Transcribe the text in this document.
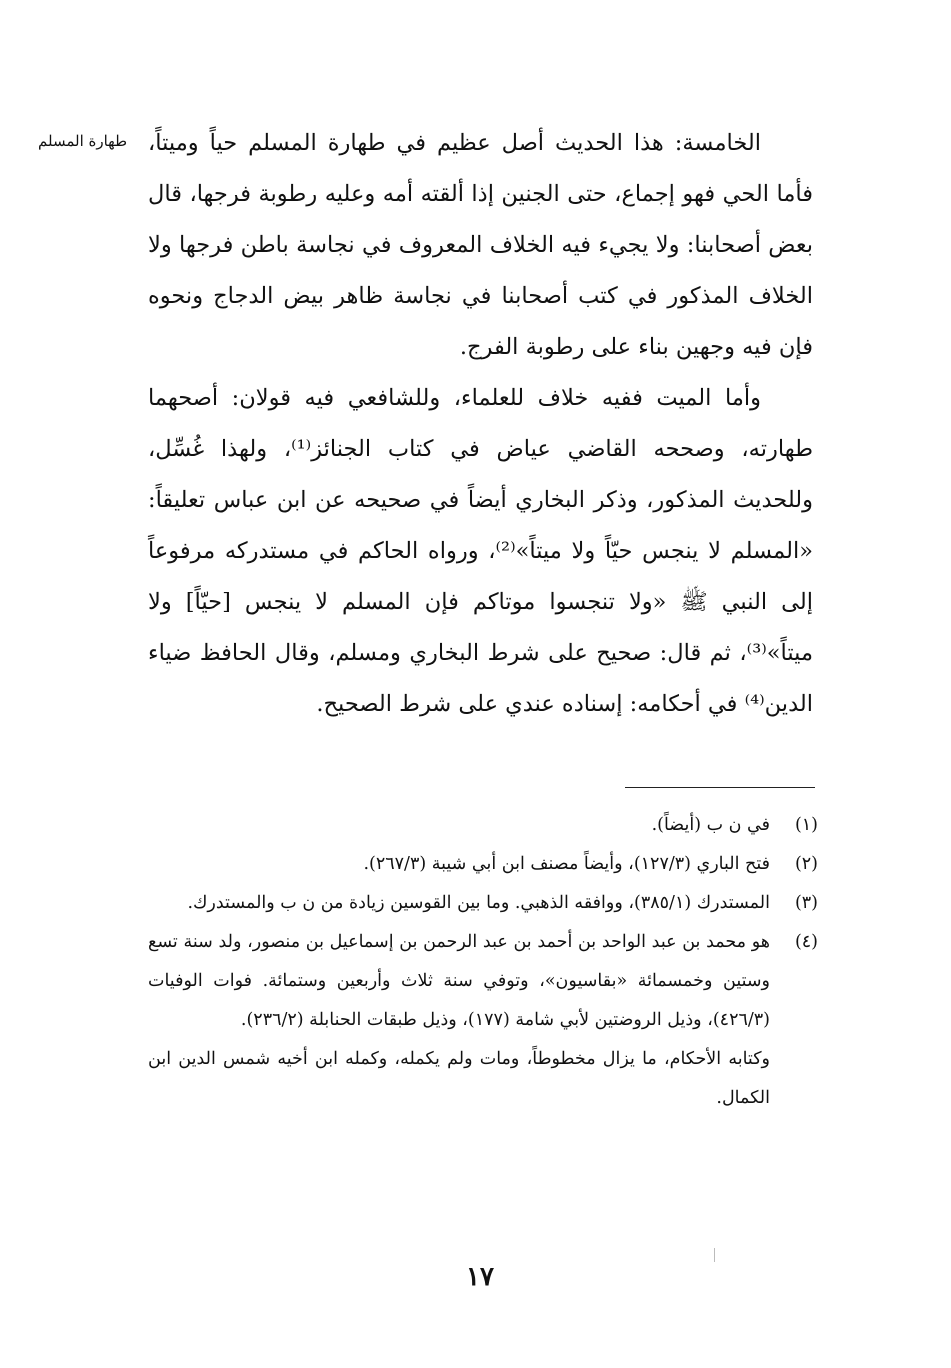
طهارة المسلم الخامسة: هذا الحديث أصل عظيم في طهارة المسلم حياً وميتاً، فأما الحي فهو إجماع، حتى الجنين إذا ألقته أمه وعليه رطوبة فرجها، قال بعض أصحابنا: ولا يجيء فيه الخلاف المعروف في نجاسة باطن فرجها ولا الخلاف المذكور في كتب أصحابنا في نجاسة ظاهر بيض الدجاج ونحوه فإن فيه وجهين بناء على رطوبة الفرج.

وأما الميت ففيه خلاف للعلماء، وللشافعي فيه قولان: أصحهما طهارته، وصححه القاضي عياض في كتاب الجنائز⁽¹⁾، ولهذا غُسِّل، وللحديث المذكور، وذكر البخاري أيضاً في صحيحه عن ابن عباس تعليقاً: «المسلم لا ينجس حيّاً ولا ميتاً»⁽²⁾، ورواه الحاكم في مستدركه مرفوعاً إلى النبي ﷺ «ولا تنجسوا موتاكم فإن المسلم لا ينجس [حيّاً] ولا ميتاً»⁽³⁾، ثم قال: صحيح على شرط البخاري ومسلم، وقال الحافظ ضياء الدين⁽⁴⁾ في أحكامه: إسناده عندي على شرط الصحيح.

(١)
في ن ب (أيضاً).
(٢)
فتح الباري (١٢٧/٣)، وأيضاً مصنف ابن أبي شيبة (٢٦٧/٣).
(٣)
المستدرك (٣٨٥/١)، ووافقه الذهبي. وما بين القوسين زيادة من ن ب والمستدرك.
(٤)
هو محمد بن عبد الواحد بن أحمد بن عبد الرحمن بن إسماعيل بن منصور، ولد سنة تسع وستين وخمسمائة «بقاسيون»، وتوفي سنة ثلاث وأربعين وستمائة. فوات الوفيات (٤٢٦/٣)، وذيل الروضتين لأبي شامة (١٧٧)، وذيل طبقات الحنابلة (٢٣٦/٢).
وكتابه الأحكام، ما يزال مخطوطاً، ومات ولم يكمله، وكمله ابن أخيه شمس الدين ابن الكمال.
١٧
